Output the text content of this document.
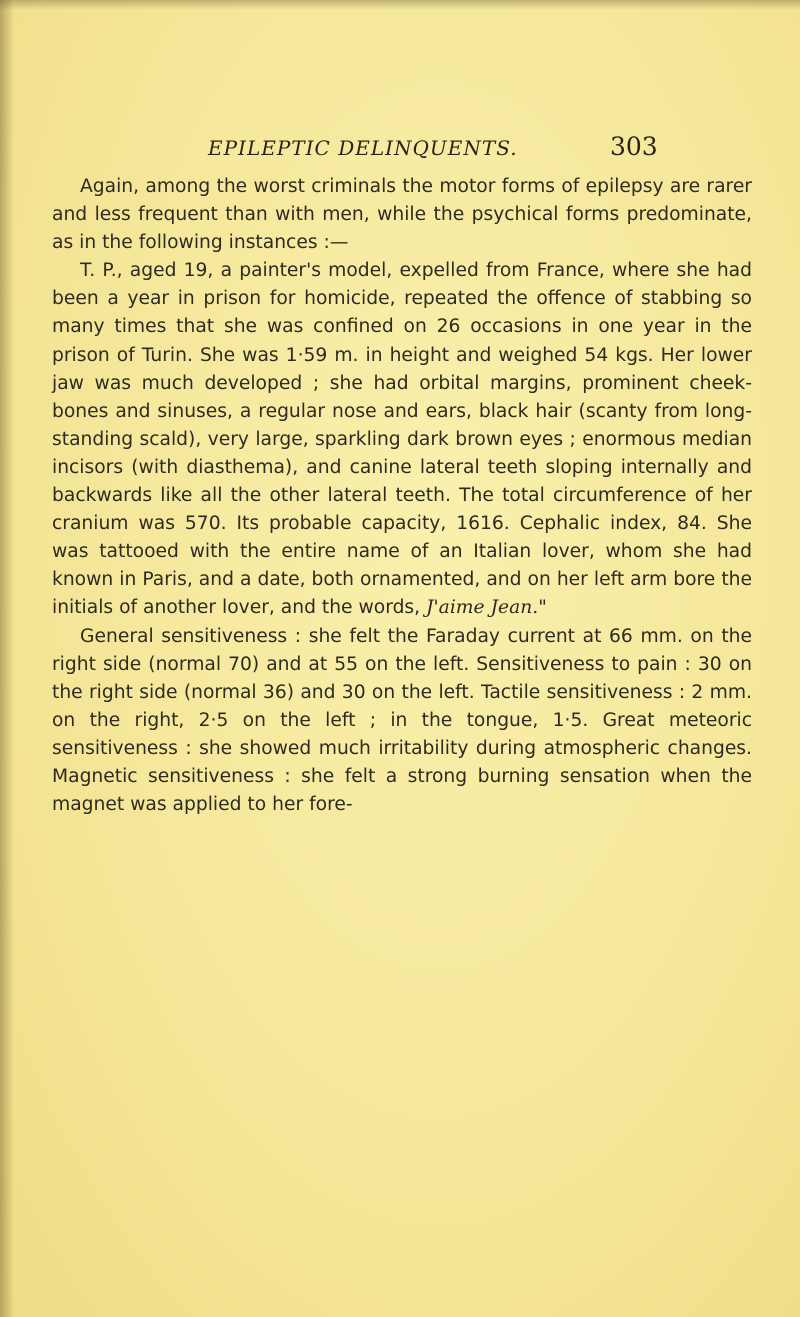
EPILEPTIC DELINQUENTS.	303

Again, among the worst criminals the motor forms of epilepsy are rarer and less frequent than with men, while the psychical forms predominate, as in the following instances :—

T. P., aged 19, a painter's model, expelled from France, where she had been a year in prison for homicide, repeated the offence of stabbing so many times that she was confined on 26 occasions in one year in the prison of Turin. She was 1·59 m. in height and weighed 54 kgs. Her lower jaw was much developed ; she had orbital margins, prominent cheek-bones and sinuses, a regular nose and ears, black hair (scanty from long-standing scald), very large, sparkling dark brown eyes ; enormous median incisors (with diasthema), and canine lateral teeth sloping internally and backwards like all the other lateral teeth. The total circumference of her cranium was 570. Its probable capacity, 1616. Cephalic index, 84. She was tattooed with the entire name of an Italian lover, whom she had known in Paris, and a date, both ornamented, and on her left arm bore the initials of another lover, and the words, J'aime Jean."

General sensitiveness : she felt the Faraday current at 66 mm. on the right side (normal 70) and at 55 on the left. Sensitiveness to pain : 30 on the right side (normal 36) and 30 on the left. Tactile sensitiveness : 2 mm. on the right, 2·5 on the left ; in the tongue, 1·5. Great meteoric sensitiveness : she showed much irritability during atmospheric changes. Magnetic sensitiveness : she felt a strong burning sensation when the magnet was applied to her fore-
